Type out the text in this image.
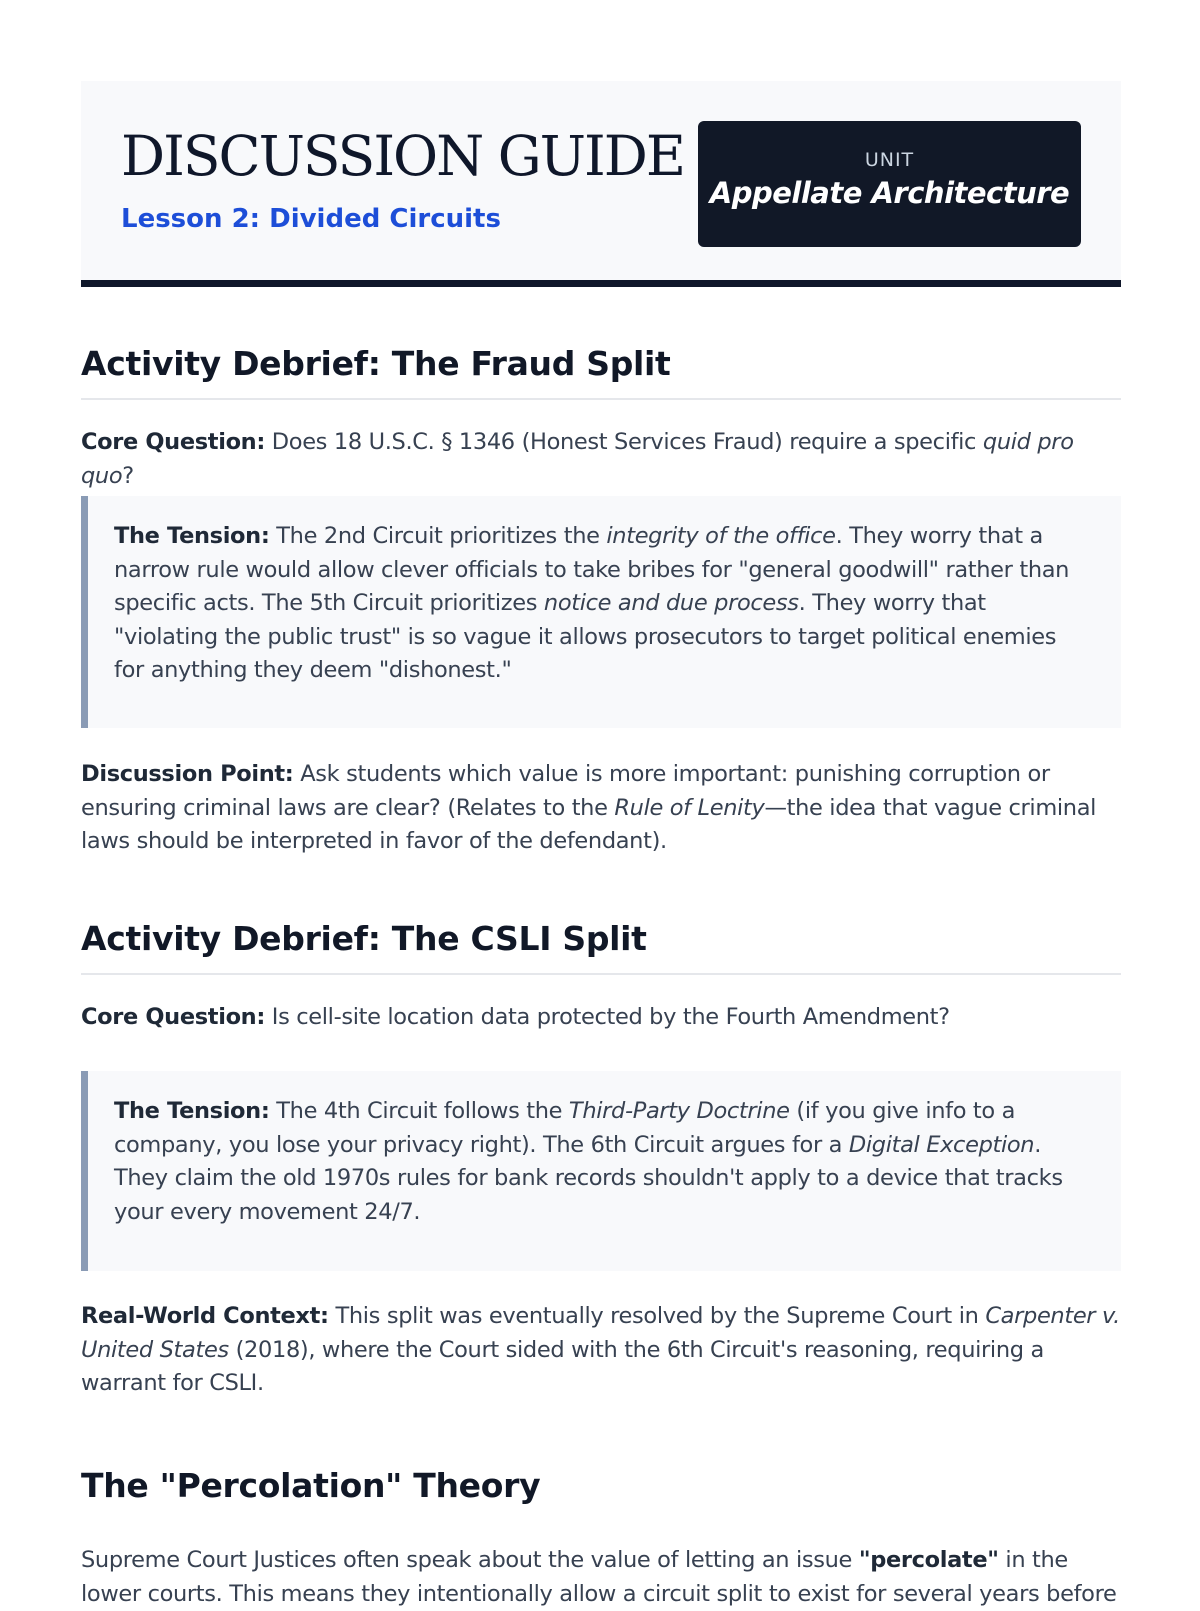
DISCUSSION GUIDE
Lesson 2: Divided Circuits
UNIT
Appellate Architecture
Activity Debrief: The Fraud Split

Core Question: Does 18 U.S.C. § 1346 (Honest Services Fraud) require a specific quid pro quo?

The Tension: The 2nd Circuit prioritizes the integrity of the office. They worry that a narrow rule would allow clever officials to take bribes for "general goodwill" rather than specific acts. The 5th Circuit prioritizes notice and due process. They worry that "violating the public trust" is so vague it allows prosecutors to target political enemies for anything they deem "dishonest."

Discussion Point: Ask students which value is more important: punishing corruption or ensuring criminal laws are clear? (Relates to the Rule of Lenity—the idea that vague criminal laws should be interpreted in favor of the defendant).

Activity Debrief: The CSLI Split

Core Question: Is cell-site location data protected by the Fourth Amendment?

The Tension: The 4th Circuit follows the Third-Party Doctrine (if you give info to a company, you lose your privacy right). The 6th Circuit argues for a Digital Exception. They claim the old 1970s rules for bank records shouldn't apply to a device that tracks your every movement 24/7.

Real-World Context: This split was eventually resolved by the Supreme Court in Carpenter v. United States (2018), where the Court sided with the 6th Circuit's reasoning, requiring a warrant for CSLI.

The "Percolation" Theory

Supreme Court Justices often speak about the value of letting an issue "percolate" in the lower courts. This means they intentionally allow a circuit split to exist for several years before
